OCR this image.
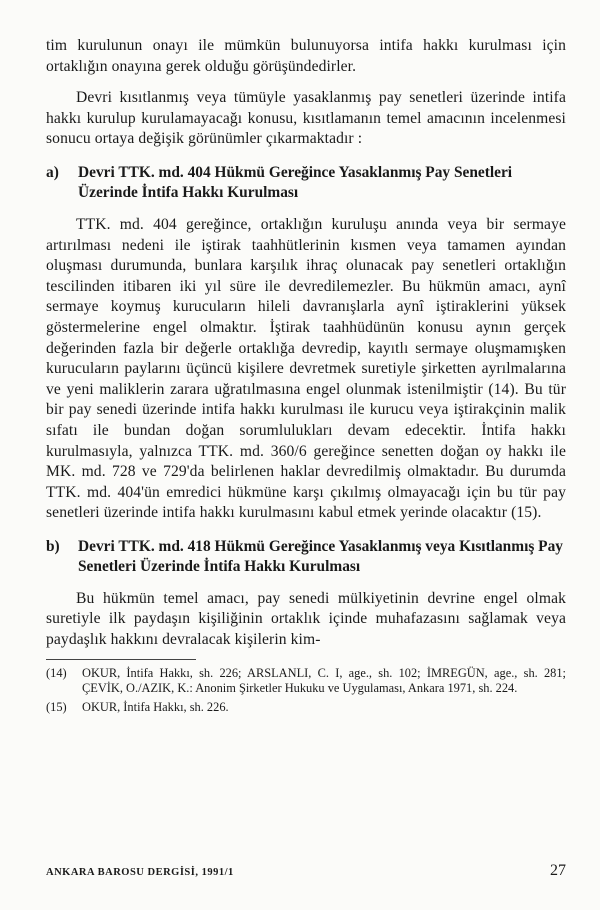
tim kurulunun onayı ile mümkün bulunuyorsa intifa hakkı kurulması için ortaklığın onayına gerek olduğu görüşündedirler.

Devri kısıtlanmış veya tümüyle yasaklanmış pay senetleri üzerinde intifa hakkı kurulup kurulamayacağı konusu, kısıtlamanın temel amacının incelenmesi sonucu ortaya değişik görünümler çıkarmaktadır :

a)	Devri TTK. md. 404 Hükmü Gereğince Yasaklanmış Pay Senetleri Üzerinde İntifa Hakkı Kurulması

TTK. md. 404 gereğince, ortaklığın kuruluşu anında veya bir sermaye artırılması nedeni ile iştirak taahhütlerinin kısmen veya tamamen ayından oluşması durumunda, bunlara karşılık ihraç olunacak pay senetleri ortaklığın tescilinden itibaren iki yıl süre ile devredilemezler. Bu hükmün amacı, aynî sermaye koymuş kurucuların hileli davranışlarla aynî iştiraklerini yüksek göstermelerine engel olmaktır. İştirak taahhüdünün konusu aynın gerçek değerinden fazla bir değerle ortaklığa devredip, kayıtlı sermaye oluşmamışken kurucuların paylarını üçüncü kişilere devretmek suretiyle şirketten ayrılmalarına ve yeni maliklerin zarara uğratılmasına engel olunmak istenilmiştir (14). Bu tür bir pay senedi üzerinde intifa hakkı kurulması ile kurucu veya iştirakçinin malik sıfatı ile bundan doğan sorumlulukları devam edecektir. İntifa hakkı kurulmasıyla, yalnızca TTK. md. 360/6 gereğince senetten doğan oy hakkı ile MK. md. 728 ve 729'da belirlenen haklar devredilmiş olmaktadır. Bu durumda TTK. md. 404'ün emredici hükmüne karşı çıkılmış olmayacağı için bu tür pay senetleri üzerinde intifa hakkı kurulmasını kabul etmek yerinde olacaktır (15).

b)	Devri TTK. md. 418 Hükmü Gereğince Yasaklanmış veya Kısıtlanmış Pay Senetleri Üzerinde İntifa Hakkı Kurulması

Bu hükmün temel amacı, pay senedi mülkiyetinin devrine engel olmak suretiyle ilk paydaşın kişiliğinin ortaklık içinde muhafazasını sağlamak veya paydaşlık hakkını devralacak kişilerin kim-

(14)	OKUR, İntifa Hakkı, sh. 226; ARSLANLI, C. I, age., sh. 102; İMREGÜN, age., sh. 281; ÇEVİK, O./AZIK, K.: Anonim Şirketler Hukuku ve Uygulaması, Ankara 1971, sh. 224.
(15)	OKUR, İntifa Hakkı, sh. 226.
ANKARA BAROSU DERGİSİ, 1991/1	27
